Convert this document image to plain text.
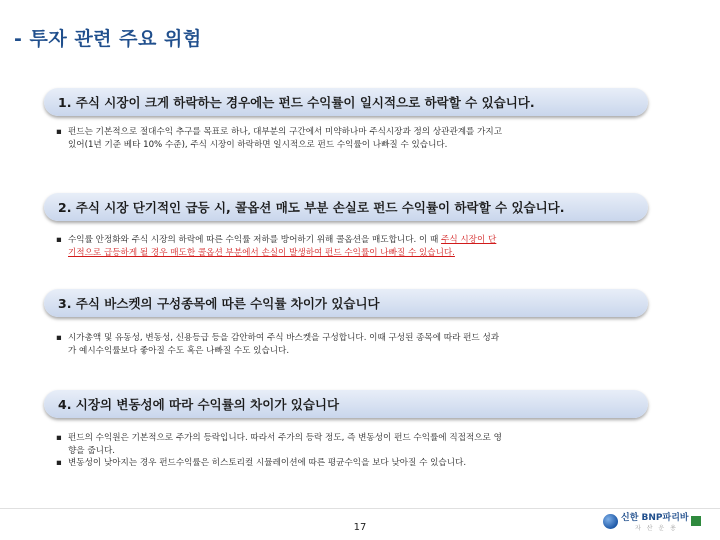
- 투자 관련 주요 위험
1. 주식 시장이 크게 하락하는 경우에는 펀드 수익률이 일시적으로 하락할 수 있습니다.
▪ 펀드는 기본적으로 절대수익 추구를 목표로 하나, 대부분의 구간에서 미약하나마 주식시장과 정의 상관관계를 가지고
있어(1년 기준 베타 10% 수준), 주식 시장이 하락하면 일시적으로 펀드 수익률이 나빠질 수 있습니다.
2. 주식 시장 단기적인 급등 시, 콜옵션 매도 부분 손실로 펀드 수익률이 하락할 수 있습니다.
▪ 수익률 안정화와 주식 시장의 하락에 따른 수익률 저하를 방어하기 위해 콜옵션을 매도합니다. 이 때 주식 시장이 단
기적으로 급등하게 될 경우 매도한 콜옵션 부분에서 손실이 발생하여 펀드 수익률이 나빠질 수 있습니다.
3. 주식 바스켓의 구성종목에 따른 수익률 차이가 있습니다
▪ 시가총액 및 유동성, 변동성, 신용등급 등을 감안하여 주식 바스켓을 구성합니다. 이때 구성된 종목에 따라 펀드 성과
가 예시수익률보다 좋아질 수도 혹은 나빠질 수도 있습니다.
4. 시장의 변동성에 따라 수익률의 차이가 있습니다
▪ 펀드의 수익원은 기본적으로 주가의 등락입니다. 따라서 주가의 등락 정도, 즉 변동성이 펀드 수익률에 직접적으로 영
향을 줍니다.
▪ 변동성이 낮아지는 경우 펀드수익률은 히스토리컬 시뮬레이션에 따른 평균수익을 보다 낮아질 수 있습니다.
17
신한 BNP파리바
자 산 운 용
